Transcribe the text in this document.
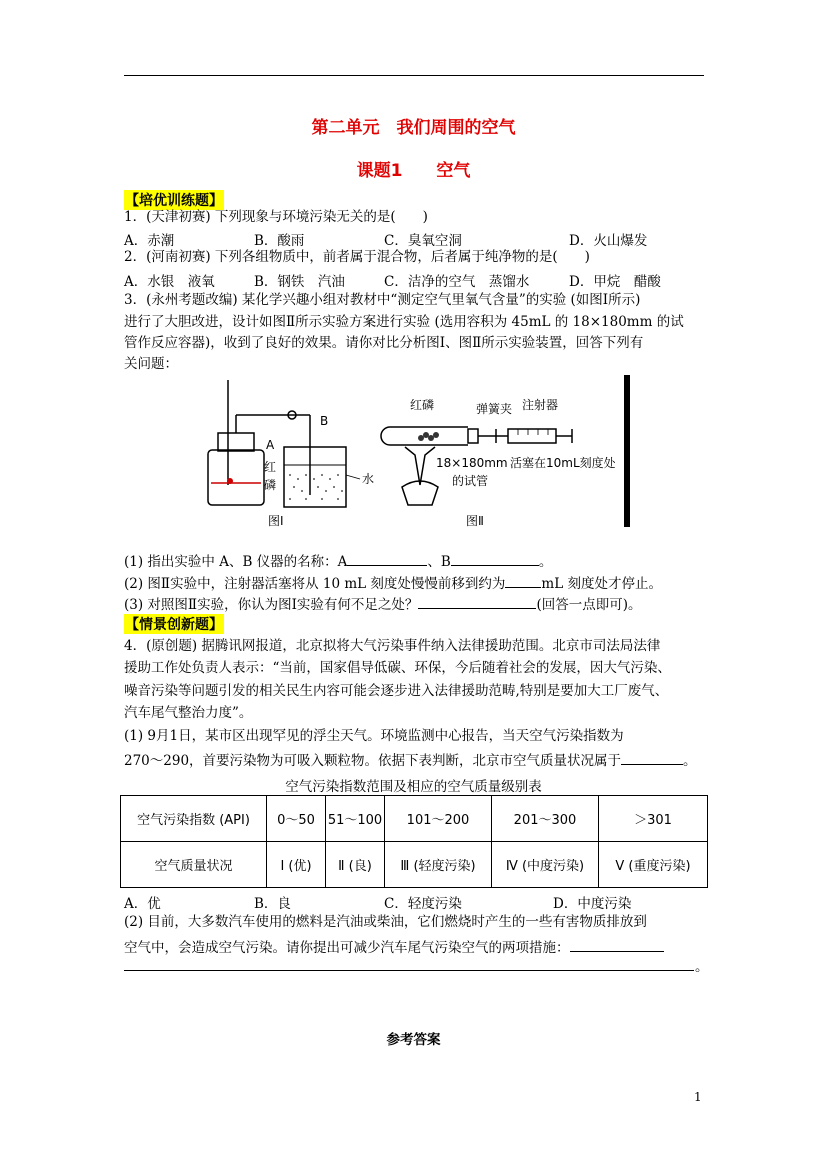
第二单元　我们周围的空气
课题1　　空气
【培优训练题】
1．(天津初赛) 下列现象与环境污染无关的是(　　)
A．赤潮	B．酸雨	C．臭氧空洞	D．火山爆发
2．(河南初赛) 下列各组物质中，前者属于混合物，后者属于纯净物的是(　　)
A．水银　液氧	B．钢铁　汽油	C．洁净的空气　蒸馏水	D．甲烷　醋酸
3．(永州考题改编) 某化学兴趣小组对教材中“测定空气里氧气含量”的实验 (如图Ⅰ所示)
进行了大胆改进，设计如图Ⅱ所示实验方案进行实验 (选用容积为 45mL 的 18×180mm 的试
管作反应容器)，收到了良好的效果。请你对比分析图Ⅰ、图Ⅱ所示实验装置，回答下列有
关问题：
A
B
红
磷	水
图Ⅰ
红磷	弹簧夹 注射器
18×180mm
的试管
活塞在10mL刻度处
图Ⅱ
(1) 指出实验中 A、B 仪器的名称：A	、B	。
(2) 图Ⅱ实验中，注射器活塞将从 10 mL 刻度处慢慢前移到约为	mL 刻度处才停止。
(3) 对照图Ⅱ实验，你认为图Ⅰ实验有何不足之处？	(回答一点即可)。
【情景创新题】
4．(原创题) 据腾讯网报道，北京拟将大气污染事件纳入法律援助范围。北京市司法局法律
援助工作处负责人表示：“当前，国家倡导低碳、环保，今后随着社会的发展，因大气污染、
噪音污染等问题引发的相关民生内容可能会逐步进入法律援助范畴,特别是要加大工厂废气、
汽车尾气整治力度”。
(1) 9月1日，某市区出现罕见的浮尘天气。环境监测中心报告，当天空气污染指数为
270～290，首要污染物为可吸入颗粒物。依据下表判断，北京市空气质量状况属于	。
空气污染指数范围及相应的空气质量级别表
空气污染指数 (API)	0～50	51～100	101～200	201～300	＞301
空气质量状况	Ⅰ (优)	Ⅱ (良)	Ⅲ (轻度污染)	Ⅳ (中度污染)	Ⅴ (重度污染)
A．优	B．良	C．轻度污染	D．中度污染
(2) 目前，大多数汽车使用的燃料是汽油或柴油，它们燃烧时产生的一些有害物质排放到
空气中，会造成空气污染。请你提出可减少汽车尾气污染空气的两项措施：
。
参考答案
1
